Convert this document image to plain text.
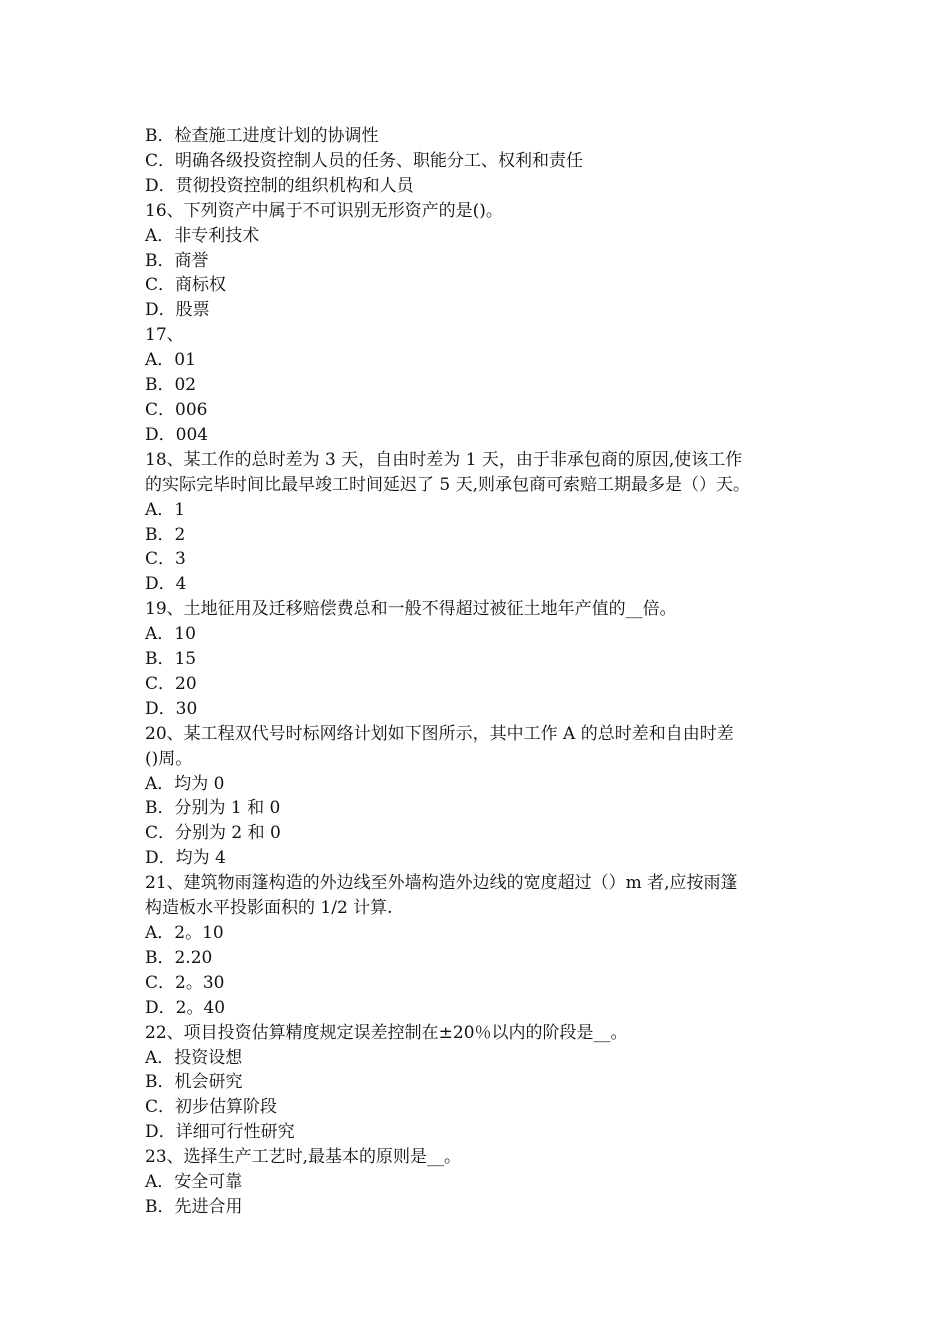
B．检查施工进度计划的协调性
C．明确各级投资控制人员的任务、职能分工、权利和责任
D．贯彻投资控制的组织机构和人员
16、下列资产中属于不可识别无形资产的是()。
A．非专利技术
B．商誉
C．商标权
D．股票
17、
A．01
B．02
C．006
D．004
18、某工作的总时差为 3 天，自由时差为 1 天，由于非承包商的原因,使该工作
的实际完毕时间比最早竣工时间延迟了 5 天,则承包商可索赔工期最多是（）天。
A．1
B．2
C．3
D．4
19、土地征用及迁移赔偿费总和一般不得超过被征土地年产值的__倍。
A．10
B．15
C．20
D．30
20、某工程双代号时标网络计划如下图所示，其中工作 A 的总时差和自由时差
()周。
A．均为 0
B．分别为 1 和 0
C．分别为 2 和 0
D．均为 4
21、建筑物雨篷构造的外边线至外墙构造外边线的宽度超过（）m 者,应按雨篷
构造板水平投影面积的 1/2 计算.
A．2。10
B．2.20
C．2。30
D．2。40
22、项目投资估算精度规定误差控制在±20％以内的阶段是__。
A．投资设想
B．机会研究
C．初步估算阶段
D．详细可行性研究
23、选择生产工艺时,最基本的原则是__。
A．安全可靠
B．先进合用
